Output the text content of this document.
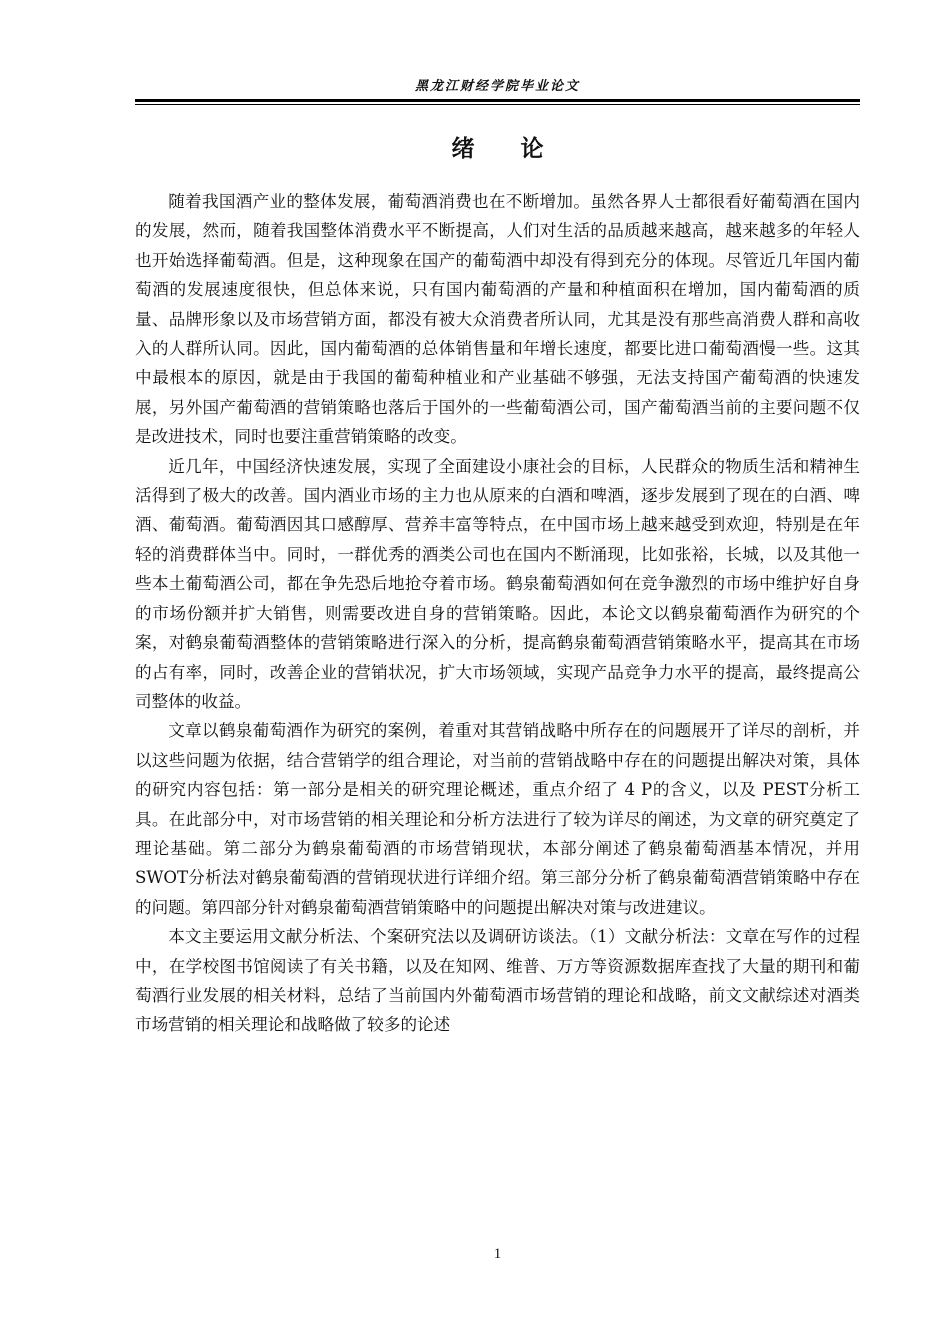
黑龙江财经学院毕业论文
绪论

随着我国酒产业的整体发展，葡萄酒消费也在不断增加。虽然各界人士都很看好葡萄酒在国内的发展，然而，随着我国整体消费水平不断提高，人们对生活的品质越来越高，越来越多的年轻人也开始选择葡萄酒。但是，这种现象在国产的葡萄酒中却没有得到充分的体现。尽管近几年国内葡萄酒的发展速度很快，但总体来说，只有国内葡萄酒的产量和种植面积在增加，国内葡萄酒的质量、品牌形象以及市场营销方面，都没有被大众消费者所认同，尤其是没有那些高消费人群和高收入的人群所认同。因此，国内葡萄酒的总体销售量和年增长速度，都要比进口葡萄酒慢一些。这其中最根本的原因，就是由于我国的葡萄种植业和产业基础不够强，无法支持国产葡萄酒的快速发展，另外国产葡萄酒的营销策略也落后于国外的一些葡萄酒公司，国产葡萄酒当前的主要问题不仅是改进技术，同时也要注重营销策略的改变。

近几年，中国经济快速发展，实现了全面建设小康社会的目标，人民群众的物质生活和精神生活得到了极大的改善。国内酒业市场的主力也从原来的白酒和啤酒，逐步发展到了现在的白酒、啤酒、葡萄酒。葡萄酒因其口感醇厚、营养丰富等特点，在中国市场上越来越受到欢迎，特别是在年轻的消费群体当中。同时，一群优秀的酒类公司也在国内不断涌现，比如张裕，长城，以及其他一些本土葡萄酒公司，都在争先恐后地抢夺着市场。鹤泉葡萄酒如何在竞争激烈的市场中维护好自身的市场份额并扩大销售，则需要改进自身的营销策略。因此，本论文以鹤泉葡萄酒作为研究的个案，对鹤泉葡萄酒整体的营销策略进行深入的分析，提高鹤泉葡萄酒营销策略水平，提高其在市场的占有率，同时，改善企业的营销状况，扩大市场领域，实现产品竞争力水平的提高，最终提高公司整体的收益。

文章以鹤泉葡萄酒作为研究的案例，着重对其营销战略中所存在的问题展开了详尽的剖析，并以这些问题为依据，结合营销学的组合理论，对当前的营销战略中存在的问题提出解决对策，具体的研究内容包括：第一部分是相关的研究理论概述，重点介绍了 4 P的含义，以及 PEST分析工具。在此部分中，对市场营销的相关理论和分析方法进行了较为详尽的阐述，为文章的研究奠定了理论基础。第二部分为鹤泉葡萄酒的市场营销现状，本部分阐述了鹤泉葡萄酒基本情况，并用SWOT分析法对鹤泉葡萄酒的营销现状进行详细介绍。第三部分分析了鹤泉葡萄酒营销策略中存在的问题。第四部分针对鹤泉葡萄酒营销策略中的问题提出解决对策与改进建议。

本文主要运用文献分析法、个案研究法以及调研访谈法。（1）文献分析法：文章在写作的过程中，在学校图书馆阅读了有关书籍，以及在知网、维普、万方等资源数据库查找了大量的期刊和葡萄酒行业发展的相关材料，总结了当前国内外葡萄酒市场营销的理论和战略，前文文献综述对酒类市场营销的相关理论和战略做了较多的论述

1
